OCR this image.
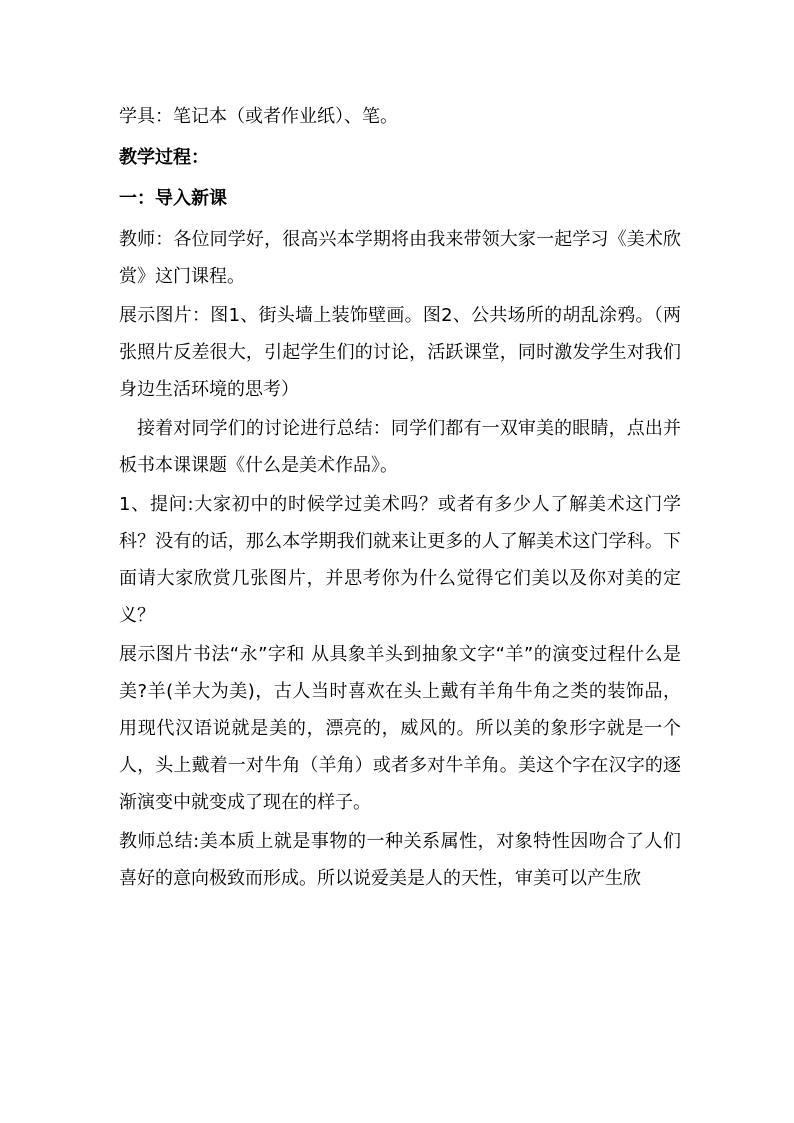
学具：笔记本（或者作业纸）、笔。

教学过程：

一：导入新课

教师：各位同学好，很高兴本学期将由我来带领大家一起学习《美术欣赏》这门课程。

展示图片：图1、街头墙上装饰壁画。图2、公共场所的胡乱涂鸦。（两张照片反差很大，引起学生们的讨论，活跃课堂，同时激发学生对我们身边生活环境的思考）

接着对同学们的讨论进行总结：同学们都有一双审美的眼睛，点出并板书本课课题《什么是美术作品》。

1、提问:大家初中的时候学过美术吗？或者有多少人了解美术这门学科？没有的话，那么本学期我们就来让更多的人了解美术这门学科。下面请大家欣赏几张图片，并思考你为什么觉得它们美以及你对美的定义？

展示图片书法“永”字和 从具象羊头到抽象文字“羊”的演变过程什么是美?羊(羊大为美)，古人当时喜欢在头上戴有羊角牛角之类的装饰品，用现代汉语说就是美的，漂亮的，威风的。所以美的象形字就是一个人，头上戴着一对牛角（羊角）或者多对牛羊角。美这个字在汉字的逐渐演变中就变成了现在的样子。

教师总结:美本质上就是事物的一种关系属性，对象特性因吻合了人们喜好的意向极致而形成。所以说爱美是人的天性，审美可以产生欣
